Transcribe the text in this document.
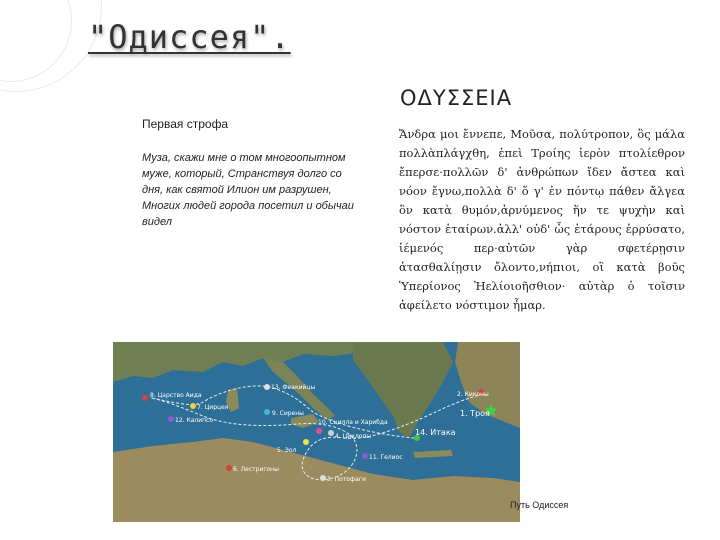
"Одиссея".
Первая строфа
Муза, скажи мне о том многоопытном муже, который, Странствуя долго со дня, как святой Илион им разрушен, Многих людей города посетил и обычаи видел
ΟΔΥΣΣΕΙΑ
Ἄνδρα μοι ἔννεπε, Μοῦσα, πολύτροπον, ὃς μάλα πολλὰπλάγχθη, ἐπεὶ Τροίης ἱερὸν πτολίεθρον ἔπερσε·πολλῶν δ' ἀνθρώπων ἴδεν ἄστεα καὶ νόον ἔγνω,πολλὰ δ' ὅ γ' ἐν πόντῳ πάθεν ἄλγεα ὃν κατὰ θυμόν,ἀρνύμενος ἥν τε ψυχὴν καὶ νόστον ἑταίρων.ἀλλ' οὐδ' ὧς ἑτάρους ἐρρύσατο, ἱέμενός περ·αὐτῶν γὰρ σφετέρῃσιν ἀτασθαλίῃσιν ὄλοντο,νήπιοι, οἳ κατὰ βοῦς Ὑπερίονος Ἠελίοιοῆσθιον· αὐτὰρ ὁ τοῖσιν ἀφείλετο νόστιμον ἦμαρ.
8. Царство Аида
7. Цирцея
12. Калипсо
13. Феакийцы
9. Сирены
10. Сцилла и Харибда
4. Циклопы
5. Эол
11. Гелиос
3. Потофаги
6. Лестригоны
2. Киконы
1. Троя
14. Итака
Путь Одиссея
